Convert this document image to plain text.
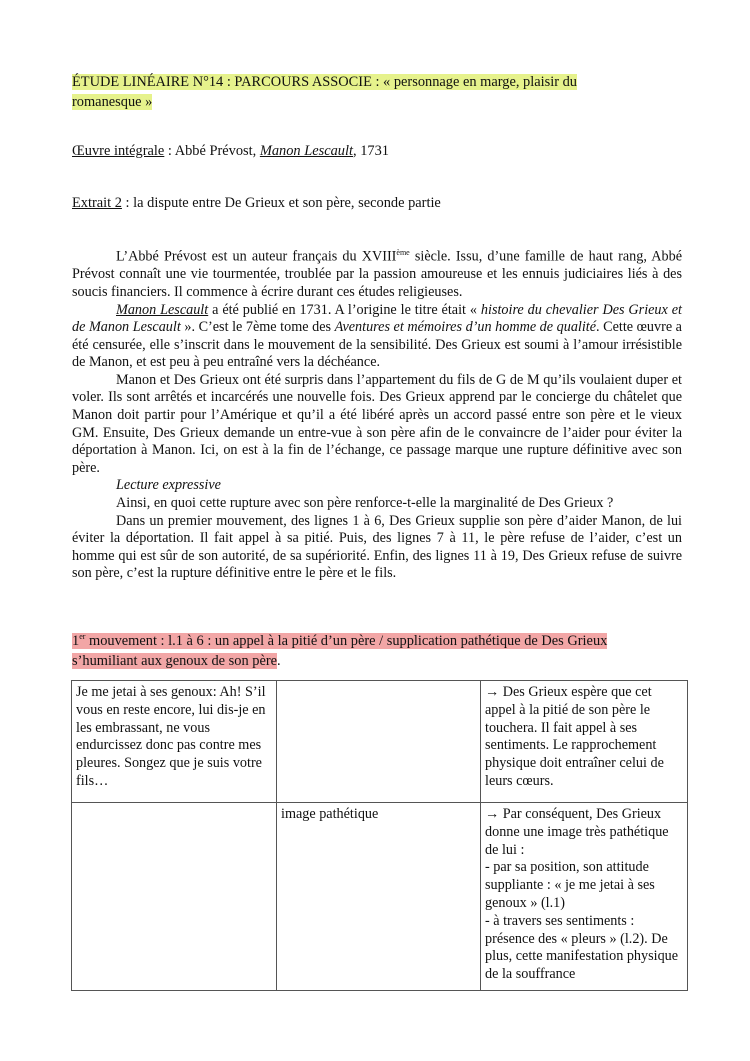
ÉTUDE LINÉAIRE N°14 : PARCOURS ASSOCIE : « personnage en marge, plaisir du
romanesque »
Œuvre intégrale : Abbé Prévost, Manon Lescault, 1731
Extrait 2 : la dispute entre De Grieux et son père, seconde partie

L’Abbé Prévost est un auteur français du XVIIIème siècle. Issu, d’une famille de haut rang, Abbé Prévost connaît une vie tourmentée, troublée par la passion amoureuse et les ennuis judiciaires liés à des soucis financiers. Il commence à écrire durant ces études religieuses.

Manon Lescault a été publié en 1731. A l’origine le titre était « histoire du chevalier Des Grieux et de Manon Lescault ». C’est le 7ème tome des Aventures et mémoires d’un homme de qualité. Cette œuvre a été censurée, elle s’inscrit dans le mouvement de la sensibilité. Des Grieux est soumi à l’amour irrésistible de Manon, et est peu à peu entraîné vers la déchéance.

Manon et Des Grieux ont été surpris dans l’appartement du fils de G de M qu’ils voulaient duper et voler. Ils sont arrêtés et incarcérés une nouvelle fois. Des Grieux apprend par le concierge du châtelet que Manon doit partir pour l’Amérique et qu’il a été libéré après un accord passé entre son père et le vieux GM. Ensuite, Des Grieux demande un entre-vue à son père afin de le convaincre de l’aider pour éviter la déportation à Manon. Ici, on est à la fin de l’échange, ce passage marque une rupture définitive avec son père.

Lecture expressive

Ainsi, en quoi cette rupture avec son père renforce-t-elle la marginalité de Des Grieux ?

Dans un premier mouvement, des lignes 1 à 6, Des Grieux supplie son père d’aider Manon, de lui éviter la déportation. Il fait appel à sa pitié. Puis, des lignes 7 à 11, le père refuse de l’aider, c’est un homme qui est sûr de son autorité, de sa supériorité. Enfin, des lignes 11 à 19, Des Grieux refuse de suivre son père, c’est la rupture définitive entre le père et le fils.

1er mouvement : l.1 à 6 : un appel à la pitié d’un père / supplication pathétique de Des Grieux
s’humiliant aux genoux de son père.
Je me jetai à ses genoux: Ah! S’il vous en reste encore, lui dis-je en les embrassant, ne vous endurcissez donc pas contre mes pleures. Songez que je suis votre fils…		→ Des Grieux espère que cet appel à la pitié de son père le touchera. Il fait appel à ses sentiments. Le rapprochement physique doit entraîner celui de leurs cœurs.

	image pathétique	→ Par conséquent, Des Grieux donne une image très pathétique de lui :
- par sa position, son attitude suppliante : « je me jetai à ses genoux » (l.1)
- à travers ses sentiments : présence des « pleurs » (l.2). De plus, cette manifestation physique de la souffrance
